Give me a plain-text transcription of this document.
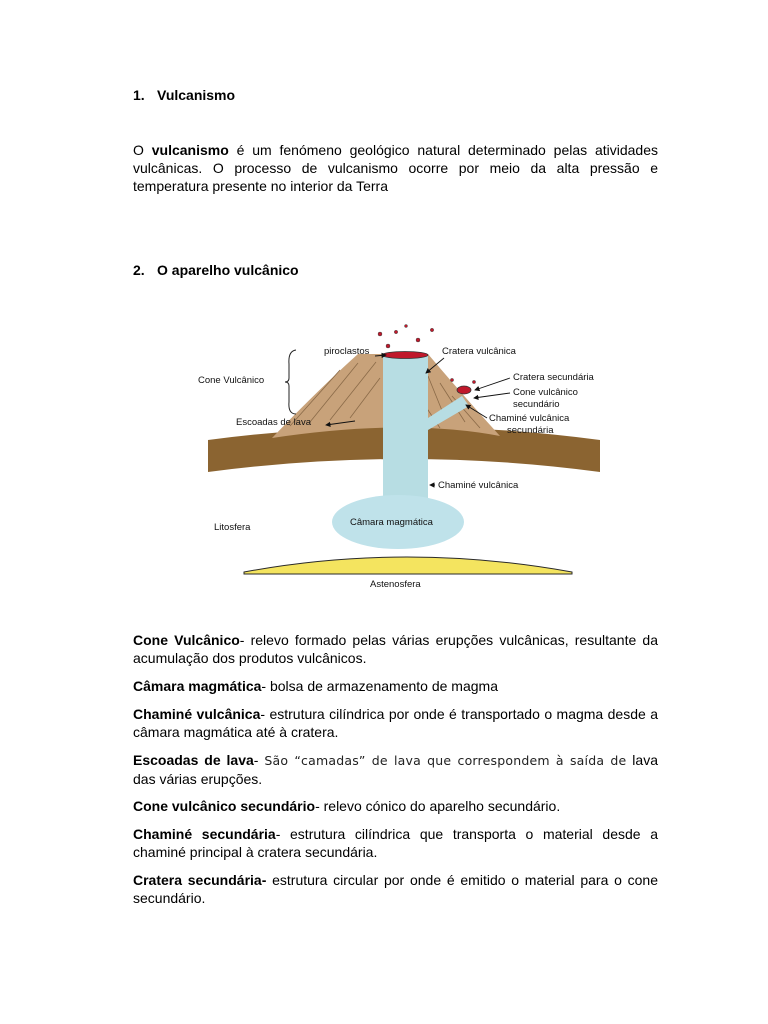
1. Vulcanismo
O vulcanismo é um fenómeno geológico natural determinado pelas atividades vulcânicas. O processo de vulcanismo ocorre por meio da alta pressão e temperatura presente no interior da Terra
2. O aparelho vulcânico
Cone Vulcânico- relevo formado pelas várias erupções vulcânicas, resultante da acumulação dos produtos vulcânicos.
Câmara magmática- bolsa de armazenamento de magma
Chaminé vulcânica- estrutura cilíndrica por onde é transportado o magma desde a câmara magmática até à cratera.
Escoadas de lava- São “camadas” de lava que correspondem à saída de lava das várias erupções.
Cone vulcânico secundário- relevo cónico do aparelho secundário.
Chaminé secundária- estrutura cilíndrica que transporta o material desde a chaminé principal à cratera secundária.
Cratera secundária- estrutura circular por onde é emitido o material para o cone secundário.
piroclastos	Cratera vulcânica
Cone Vulcânico	Cratera secundária
Cone vulcânico
secundário
Chaminé vulcânica
secundária
Escoadas de lava
Chaminé vulcânica
Litosfera	Câmara magmática
Astenosfera
